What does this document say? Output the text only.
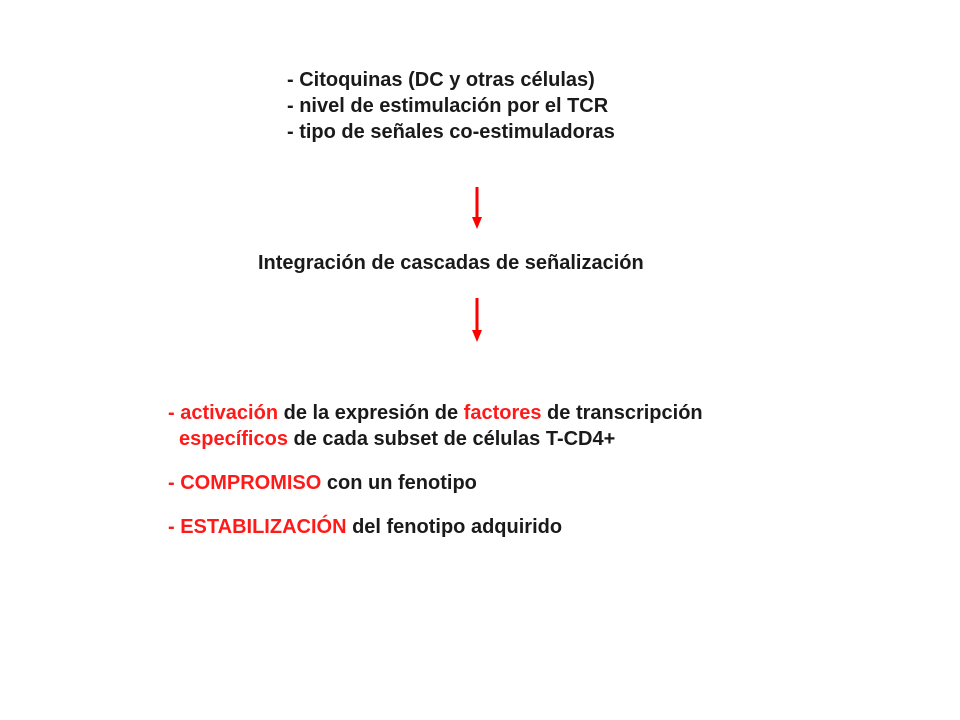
- Citoquinas (DC y otras células)
- nivel de estimulación por el TCR
- tipo de señales co-estimuladoras
Integración de cascadas de señalización
- activación de la expresión de factores de transcripción
específicos de cada subset de células T-CD4+
- COMPROMISO con un fenotipo
- ESTABILIZACIÓN del fenotipo adquirido
